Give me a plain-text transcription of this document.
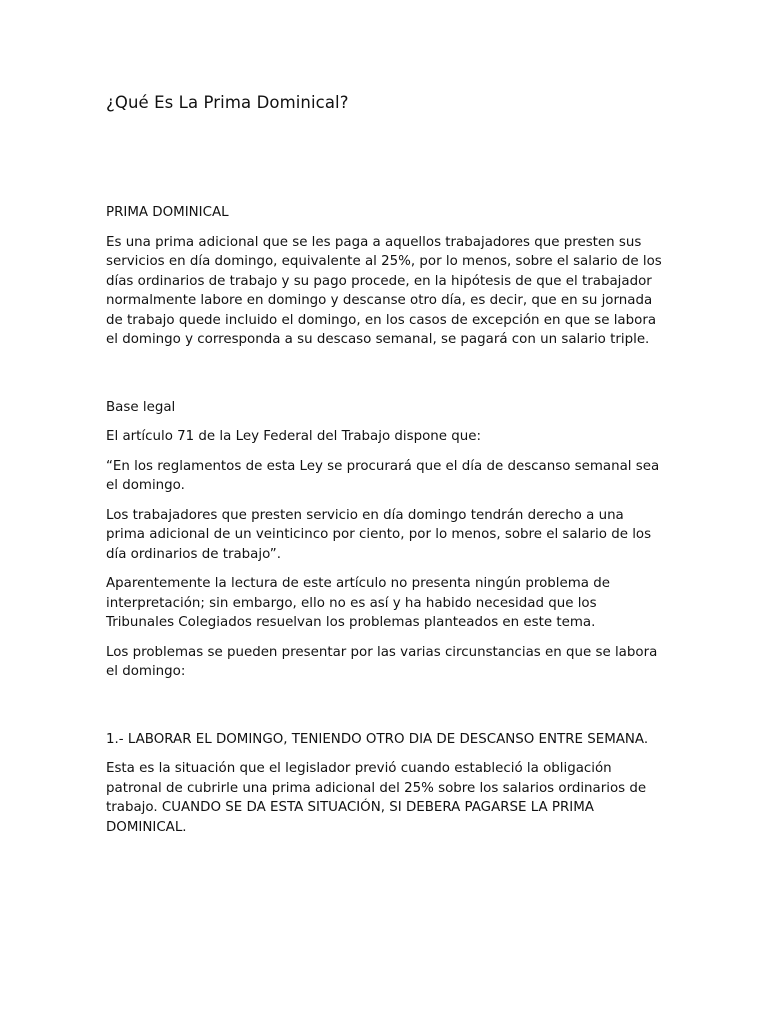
¿Qué Es La Prima Dominical?

PRIMA DOMINICAL

Es una prima adicional que se les paga a aquellos trabajadores que presten sus servicios en día domingo, equivalente al 25%, por lo menos, sobre el salario de los días ordinarios de trabajo y su pago procede, en la hipótesis de que el trabajador normalmente labore en domingo y descanse otro día, es decir, que en su jornada de trabajo quede incluido el domingo, en los casos de excepción en que se labora el domingo y corresponda a su descaso semanal, se pagará con un salario triple.

Base legal

El artículo 71 de la Ley Federal del Trabajo dispone que:

“En los reglamentos de esta Ley se procurará que el día de descanso semanal sea el domingo.

Los trabajadores que presten servicio en día domingo tendrán derecho a una prima adicional de un veinticinco por ciento, por lo menos, sobre el salario de los día ordinarios de trabajo”.

Aparentemente la lectura de este artículo no presenta ningún problema de interpretación; sin embargo, ello no es así y ha habido necesidad que los Tribunales Colegiados resuelvan los problemas planteados en este tema.

Los problemas se pueden presentar por las varias circunstancias en que se labora el domingo:

1.- LABORAR EL DOMINGO, TENIENDO OTRO DIA DE DESCANSO ENTRE SEMANA.

Esta es la situación que el legislador previó cuando estableció la obligación patronal de cubrirle una prima adicional del 25% sobre los salarios ordinarios de trabajo. CUANDO SE DA ESTA SITUACIÓN, SI DEBERA PAGARSE LA PRIMA DOMINICAL.
